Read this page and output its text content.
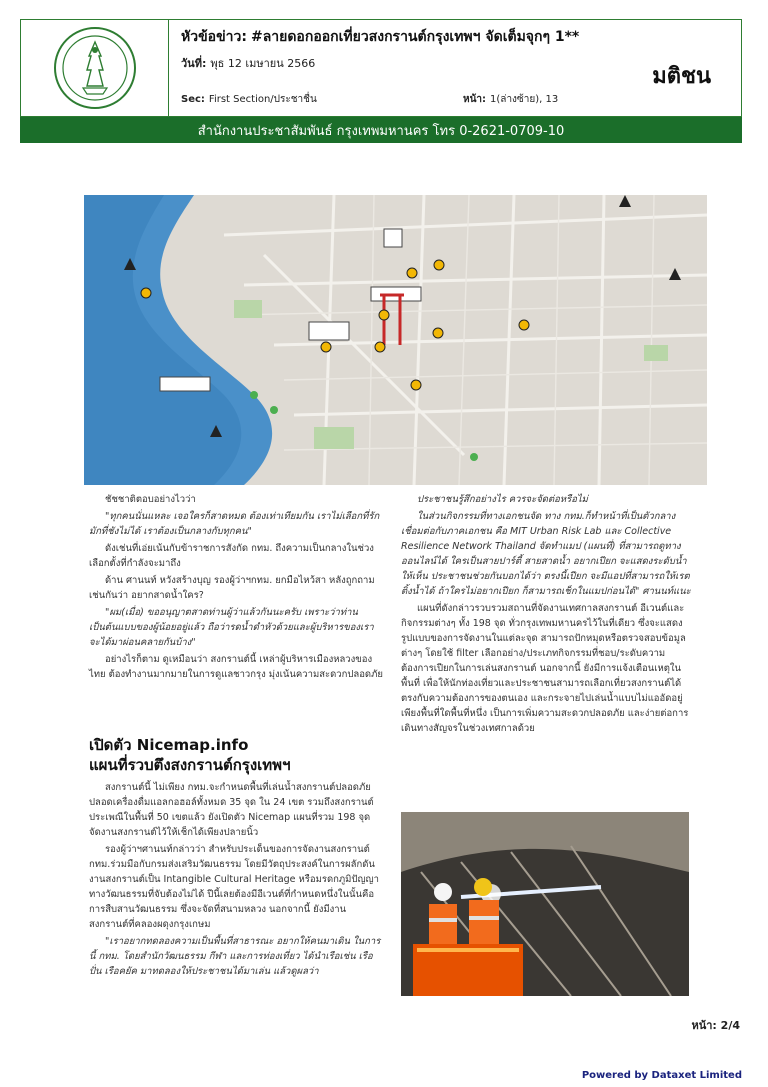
หัวข้อข่าว: #ลายดอกออกเที่ยวสงกรานต์กรุงเทพฯ จัดเต็มจุกๆ 1**
วันที่: พุธ 12 เมษายน 2566
Sec: First Section/ประชาชื่น	หน้า: 1(ล่างซ้าย), 13
มติชน
สำนักงานประชาสัมพันธ์ กรุงเทพมหานคร โทร 0-2621-0709-10

ชัชชาติตอบอย่างไวว่า

"ทุกคนนั่นแหละ เจอใครก็สาดหมด ต้องเท่าเทียมกัน เราไม่เลือกที่รักมักที่ชังไม่ได้ เราต้องเป็นกลางกับทุกคน"

ดังเช่นที่เอ่ยเน้นกับข้าราชการสังกัด กทม. ถึงความเป็นกลางในช่วงเลือกตั้งที่กำลังจะมาถึง

ด้าน ศานนท์ หวังสร้างบุญ รองผู้ว่าฯกทม. ยกมือไหว้สา หลังถูกถามเช่นกันว่า อยากสาดน้ำใคร?

"ผม(เมื่อ) ขออนุญาตสาดท่านผู้ว่าแล้วกันนะครับ เพราะว่าท่านเป็นต้นแบบของผู้น้อยอยู่แล้ว ถือว่ารดน้ำดำหัวด้วยและผู้บริหารของเราจะได้มาผ่อนคลายกันบ้าง"

อย่างไรก็ตาม ดูเหมือนว่า สงกรานต์นี้ เหล่าผู้บริหารเมืองหลวงของไทย ต้องทำงานมากมายในการดูแลชาวกรุง มุ่งเน้นความสะดวกปลอดภัย

เปิดตัว Nicemap.info
แผนที่รวบตึงสงกรานต์กรุงเทพฯ

สงกรานต์นี้ ไม่เพียง กทม.จะกำหนดพื้นที่เล่นน้ำสงกรานต์ปลอดภัย ปลอดเครื่องดื่มแอลกอฮอล์ทั้งหมด 35 จุด ใน 24 เขต รวมถึงสงกรานต์ประเพณีในพื้นที่ 50 เขตแล้ว ยังเปิดตัว Nicemap แผนที่รวม 198 จุด จัดงานสงกรานต์ไว้ให้เช็กได้เพียงปลายนิ้ว

รองผู้ว่าฯศานนท์กล่าวว่า สำหรับประเด็นของการจัดงานสงกรานต์ กทม.ร่วมมือกับกรมส่งเสริมวัฒนธรรม โดยมีวัตถุประสงค์ในการผลักดันงานสงกรานต์เป็น Intangible Cultural Heritage หรือมรดกภูมิปัญญาทางวัฒนธรรมที่จับต้องไม่ได้ ปีนี้เลยต้องมีอีเวนต์ที่กำหนดหนึ่งในนั้นคือ การสืบสานวัฒนธรรม ซึ่งจะจัดที่สนามหลวง นอกจากนี้ ยังมีงานสงกรานต์ที่คลองผดุงกรุงเกษม

"เราอยากทดลองความเป็นพื้นที่สาธารณะ อยากให้คนมาเดิน ในการนี้ กทม. โดยสำนักวัฒนธรรม กีฬา และการท่องเที่ยว ได้นำเรือเช่น เรือปั่น เรือคยัค มาทดลองให้ประชาชนได้มาเล่น แล้วดูผลว่า

ประชาชนรู้สึกอย่างไร ควรจะจัดต่อหรือไม่

ในส่วนกิจกรรมที่ทางเอกชนจัด ทาง กทม.ก็ทำหน้าที่เป็นตัวกลางเชื่อมต่อกับภาคเอกชน คือ MIT Urban Risk Lab และ Collective Resilience Network Thailand จัดทำแมป (แผนที่) ที่สามารถดูทางออนไลน์ได้ ใครเป็นสายปาร์ตี้ สายสาดน้ำ อยากเปียก จะแสดงระดับน้ำให้เห็น ประชาชนช่วยกันบอกได้ว่า ตรงนี้เปียก จะมีแอปที่สามารถให้เรตติ้งน้ำได้ ถ้าใครไม่อยากเปียก ก็สามารถเช็กในแมปก่อนได้" ศานนท์แนะ

แผนที่ดังกล่าวรวบรวมสถานที่จัดงานเทศกาลสงกรานต์ อีเวนต์และกิจกรรมต่างๆ ทั้ง 198 จุด ทั่วกรุงเทพมหานครไว้ในที่เดียว ซึ่งจะแสดงรูปแบบของการจัดงานในแต่ละจุด สามารถปักหมุดหรือตรวจสอบข้อมูลต่างๆ โดยใช้ filter เลือกอย่าง/ประเภทกิจกรรมที่ชอบ/ระดับความต้องการเปียกในการเล่นสงกรานต์ นอกจากนี้ ยังมีการแจ้งเตือนเหตุในพื้นที่ เพื่อให้นักท่องเที่ยวและประชาชนสามารถเลือกเที่ยวสงกรานต์ได้ตรงกับความต้องการของตนเอง และกระจายไปเล่นน้ำแบบไม่แออัดอยู่เพียงพื้นที่ใดพื้นที่หนึ่ง เป็นการเพิ่มความสะดวกปลอดภัย และง่ายต่อการเดินทางสัญจรในช่วงเทศกาลด้วย

หน้า: 2/4
Powered by Dataxet Limited
